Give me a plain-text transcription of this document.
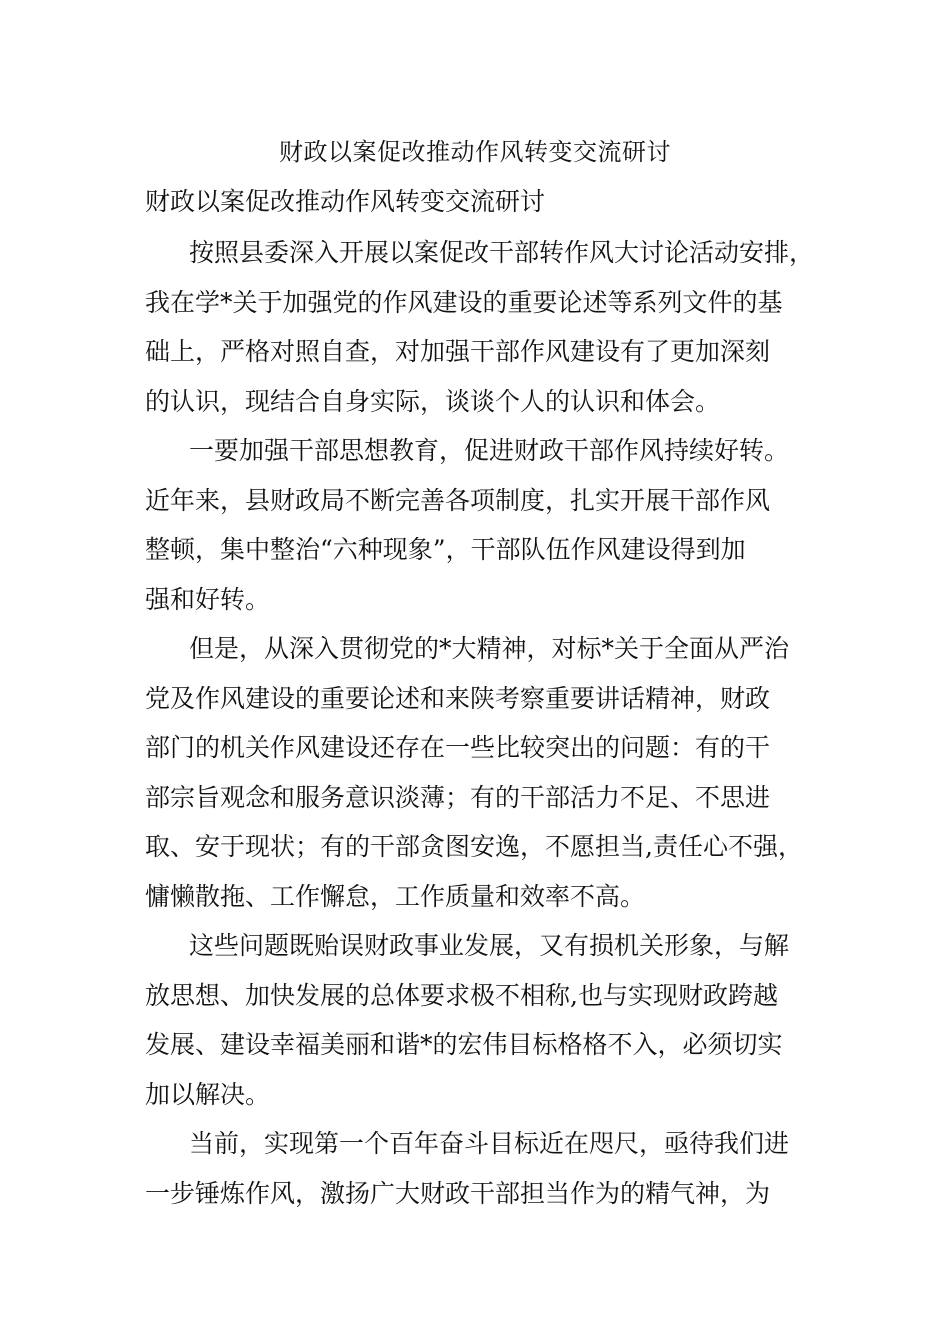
财政以案促改推动作风转变交流研讨
财政以案促改推动作风转变交流研讨

按照县委深入开展以案促改干部转作风大讨论活动安排，
我在学*关于加强党的作风建设的重要论述等系列文件的基
础上，严格对照自查，对加强干部作风建设有了更加深刻
的认识，现结合自身实际，谈谈个人的认识和体会。

一要加强干部思想教育，促进财政干部作风持续好转。
近年来，县财政局不断完善各项制度，扎实开展干部作风
整顿，集中整治“六种现象”，干部队伍作风建设得到加
强和好转。

但是，从深入贯彻党的*大精神，对标*关于全面从严治
党及作风建设的重要论述和来陕考察重要讲话精神，财政
部门的机关作风建设还存在一些比较突出的问题：有的干
部宗旨观念和服务意识淡薄；有的干部活力不足、不思进
取、安于现状；有的干部贪图安逸，不愿担当,责任心不强，
慵懒散拖、工作懈怠，工作质量和效率不高。

这些问题既贻误财政事业发展，又有损机关形象，与解
放思想、加快发展的总体要求极不相称,也与实现财政跨越
发展、建设幸福美丽和谐*的宏伟目标格格不入，必须切实
加以解决。

当前，实现第一个百年奋斗目标近在咫尺，亟待我们进
一步锤炼作风，激扬广大财政干部担当作为的精气神，为
